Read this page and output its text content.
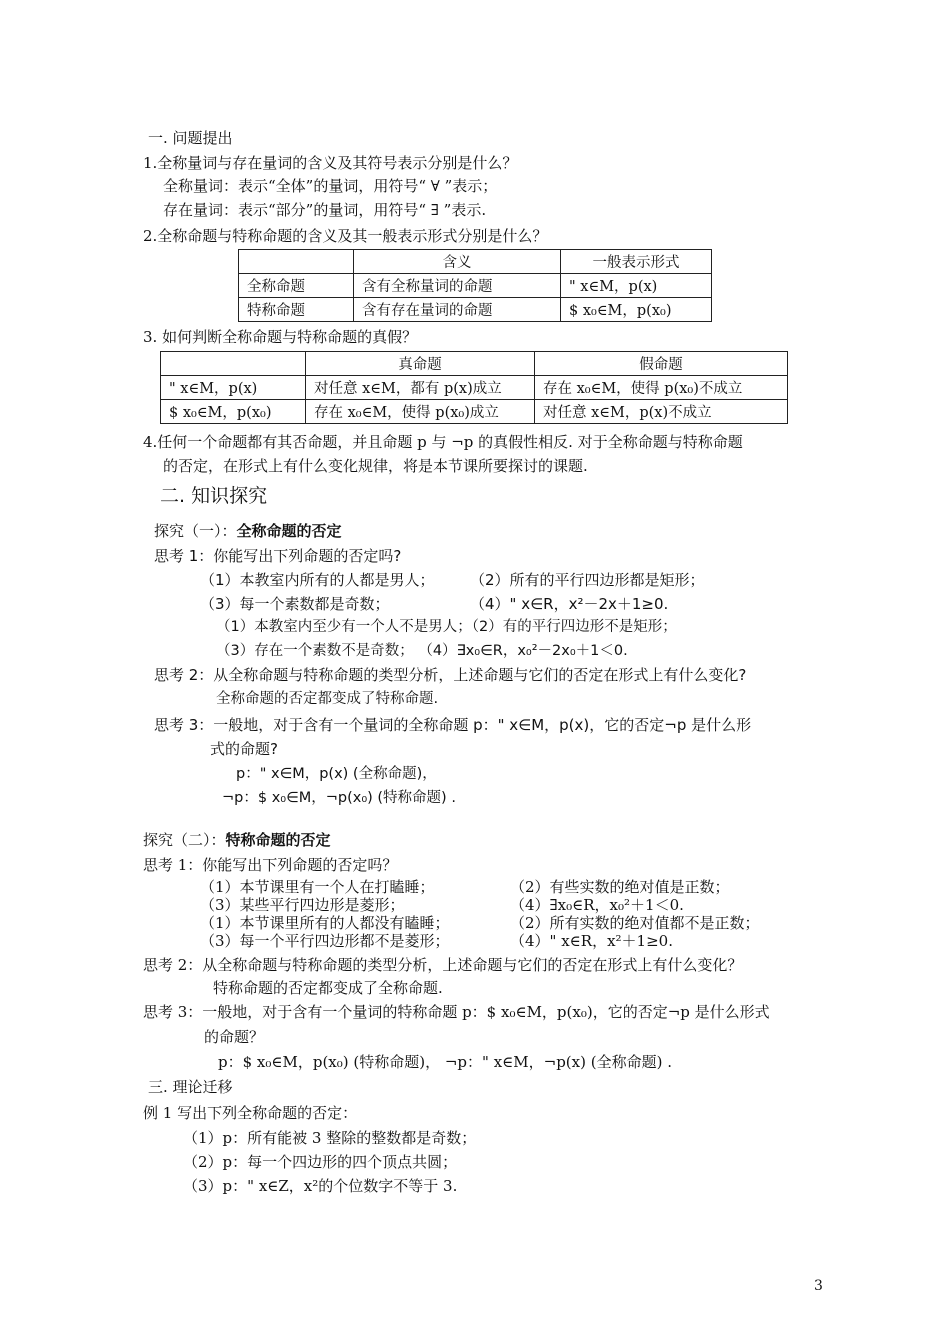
一. 问题提出
1.全称量词与存在量词的含义及其符号表示分别是什么？
全称量词：表示“全体”的量词，用符号“ ∀ ”表示；
存在量词：表示“部分”的量词，用符号“ ∃ ”表示.
2.全称命题与特称命题的含义及其一般表示形式分别是什么？
	含义	一般表示形式
全称命题	含有全称量词的命题	" x∈M，p(x)
特称命题	含有存在量词的命题	$ x₀∈M，p(x₀)
3. 如何判断全称命题与特称命题的真假？
	真命题	假命题
" x∈M，p(x)	对任意 x∈M，都有 p(x)成立	存在 x₀∈M，使得 p(x₀)不成立
$ x₀∈M，p(x₀)	存在 x₀∈M，使得 p(x₀)成立	对任意 x∈M，p(x)不成立
4.任何一个命题都有其否命题，并且命题 p 与 ¬p 的真假性相反. 对于全称命题与特称命题
的否定，在形式上有什么变化规律，将是本节课所要探讨的课题.
二. 知识探究
探究（一）：全称命题的否定
思考 1：你能写出下列命题的否定吗?
（1）本教室内所有的人都是男人； （2）所有的平行四边形都是矩形；
（3）每一个素数都是奇数；	（4）" x∈R，x²－2x＋1≥0.
（1）本教室内至少有一个人不是男人；（2）有的平行四边形不是矩形；
（3）存在一个素数不是奇数； （4）∃x₀∈R，x₀²－2x₀＋1＜0.
思考 2：从全称命题与特称命题的类型分析，上述命题与它们的否定在形式上有什么变化?
全称命题的否定都变成了特称命题.
思考 3：一般地，对于含有一个量词的全称命题 p：" x∈M，p(x)，它的否定¬p 是什么形
式的命题?
p：" x∈M，p(x) (全称命题)，
¬p：$ x₀∈M，¬p(x₀) (特称命题) .
探究（二）：特称命题的否定
思考 1：你能写出下列命题的否定吗？
（1）本节课里有一个人在打瞌睡；	（2）有些实数的绝对值是正数；
（3）某些平行四边形是菱形；	（4）∃x₀∈R，x₀²＋1＜0.
（1）本节课里所有的人都没有瞌睡；	（2）所有实数的绝对值都不是正数；
（3）每一个平行四边形都不是菱形；	（4）" x∈R，x²＋1≥0.
思考 2：从全称命题与特称命题的类型分析，上述命题与它们的否定在形式上有什么变化？
特称命题的否定都变成了全称命题.
思考 3：一般地，对于含有一个量词的特称命题 p：$ x₀∈M，p(x₀)，它的否定¬p 是什么形式
的命题？
p：$ x₀∈M，p(x₀) (特称命题)， ¬p：" x∈M，¬p(x) (全称命题) .
三. 理论迁移
例 1 写出下列全称命题的否定：
（1）p：所有能被 3 整除的整数都是奇数；
（2）p：每一个四边形的四个顶点共圆；
（3）p：" x∈Z，x²的个位数字不等于 3.
3
